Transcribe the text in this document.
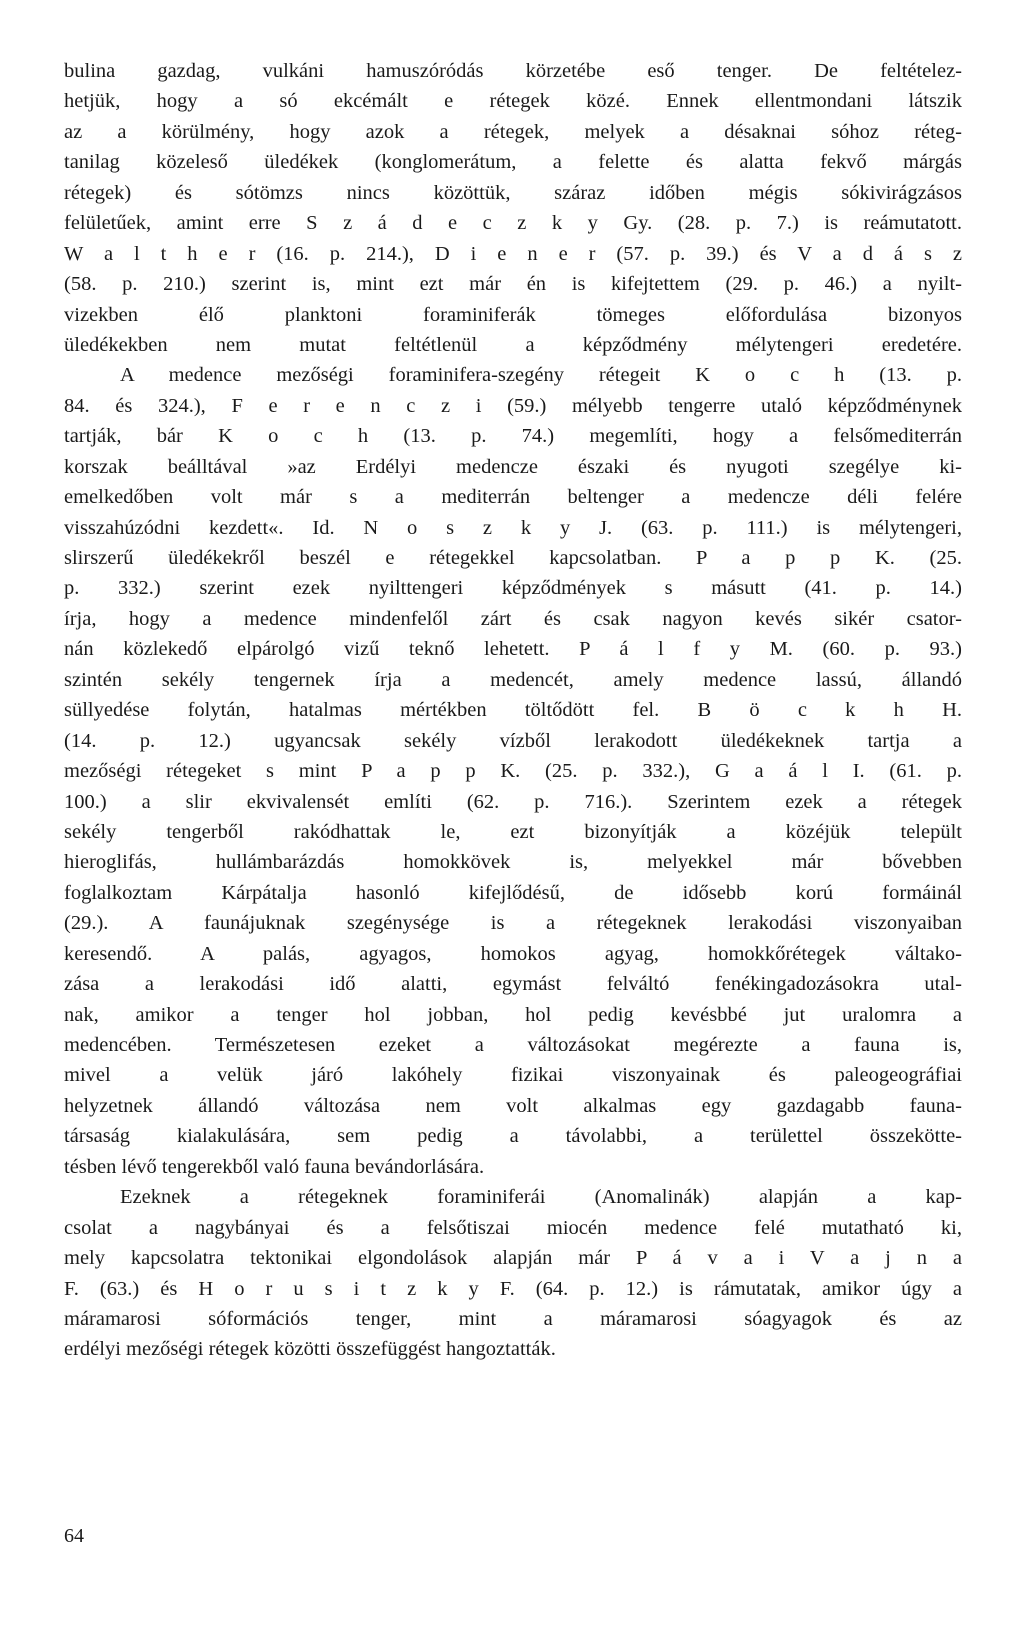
bulina gazdag, vulkáni hamuszóródás körzetébe eső tenger. De feltételez-
hetjük, hogy a só ekcémált e rétegek közé. Ennek ellentmondani látszik
az a körülmény, hogy azok a rétegek, melyek a désaknai sóhoz réteg-
tanilag közeleső üledékek (konglomerátum, a felette és alatta fekvő márgás
rétegek) és sótömzs nincs közöttük, száraz időben mégis sókivirágzásos
felületűek, amint erre S z á d e c z k y Gy. (28. p. 7.) is reámutatott.
W a l t h e r (16. p. 214.), D i e n e r (57. p. 39.) és V a d á s z
(58. p. 210.) szerint is, mint ezt már én is kifejtettem (29. p. 46.) a nyilt-
vizekben élő planktoni foraminiferák tömeges előfordulása bizonyos
üledékekben nem mutat feltétlenül a képződmény mélytengeri eredetére.
A medence mezőségi foraminifera-szegény rétegeit K o c h (13. p.
84. és 324.), F e r e n c z i (59.) mélyebb tengerre utaló képződménynek
tartják, bár K o c h (13. p. 74.) megemlíti, hogy a felsőmediterrán
korszak beálltával »az Erdélyi medencze északi és nyugoti szegélye ki-
emelkedőben volt már s a mediterrán beltenger a medencze déli felére
visszahúzódni kezdett«. Id. N o s z k y J. (63. p. 111.) is mélytengeri,
slirszerű üledékekről beszél e rétegekkel kapcsolatban. P a p p K. (25.
p. 332.) szerint ezek nyilttengeri képződmények s másutt (41. p. 14.)
írja, hogy a medence mindenfelől zárt és csak nagyon kevés sikér csator-
nán közlekedő elpárolgó vizű teknő lehetett. P á l f y M. (60. p. 93.)
szintén sekély tengernek írja a medencét, amely medence lassú, állandó
süllyedése folytán, hatalmas mértékben töltődött fel. B ö c k h H.
(14. p. 12.) ugyancsak sekély vízből lerakodott üledékeknek tartja a
mezőségi rétegeket s mint P a p p K. (25. p. 332.), G a á l I. (61. p.
100.) a slir ekvivalensét említi (62. p. 716.). Szerintem ezek a rétegek
sekély tengerből rakódhattak le, ezt bizonyítják a közéjük települt
hieroglifás, hullámbarázdás homokkövek is, melyekkel már bővebben
foglalkoztam Kárpátalja hasonló kifejlődésű, de idősebb korú formáinál
(29.). A faunájuknak szegénysége is a rétegeknek lerakodási viszonyaiban
keresendő. A palás, agyagos, homokos agyag, homokkőrétegek váltako-
zása a lerakodási idő alatti, egymást felváltó fenékingadozásokra utal-
nak, amikor a tenger hol jobban, hol pedig kevésbbé jut uralomra a
medencében. Természetesen ezeket a változásokat megérezte a fauna is,
mivel a velük járó lakóhely fizikai viszonyainak és paleogeográfiai
helyzetnek állandó változása nem volt alkalmas egy gazdagabb fauna-
társaság kialakulására, sem pedig a távolabbi, a területtel összekötte-
tésben lévő tengerekből való fauna bevándorlására.
Ezeknek a rétegeknek foraminiferái (Anomalinák) alapján a kap-
csolat a nagybányai és a felsőtiszai miocén medence felé mutatható ki,
mely kapcsolatra tektonikai elgondolások alapján már P á v a i V a j n a
F. (63.) és H o r u s i t z k y F. (64. p. 12.) is rámutatak, amikor úgy a
máramarosi sóformációs tenger, mint a máramarosi sóagyagok és az
erdélyi mezőségi rétegek közötti összefüggést hangoztatták.
64
